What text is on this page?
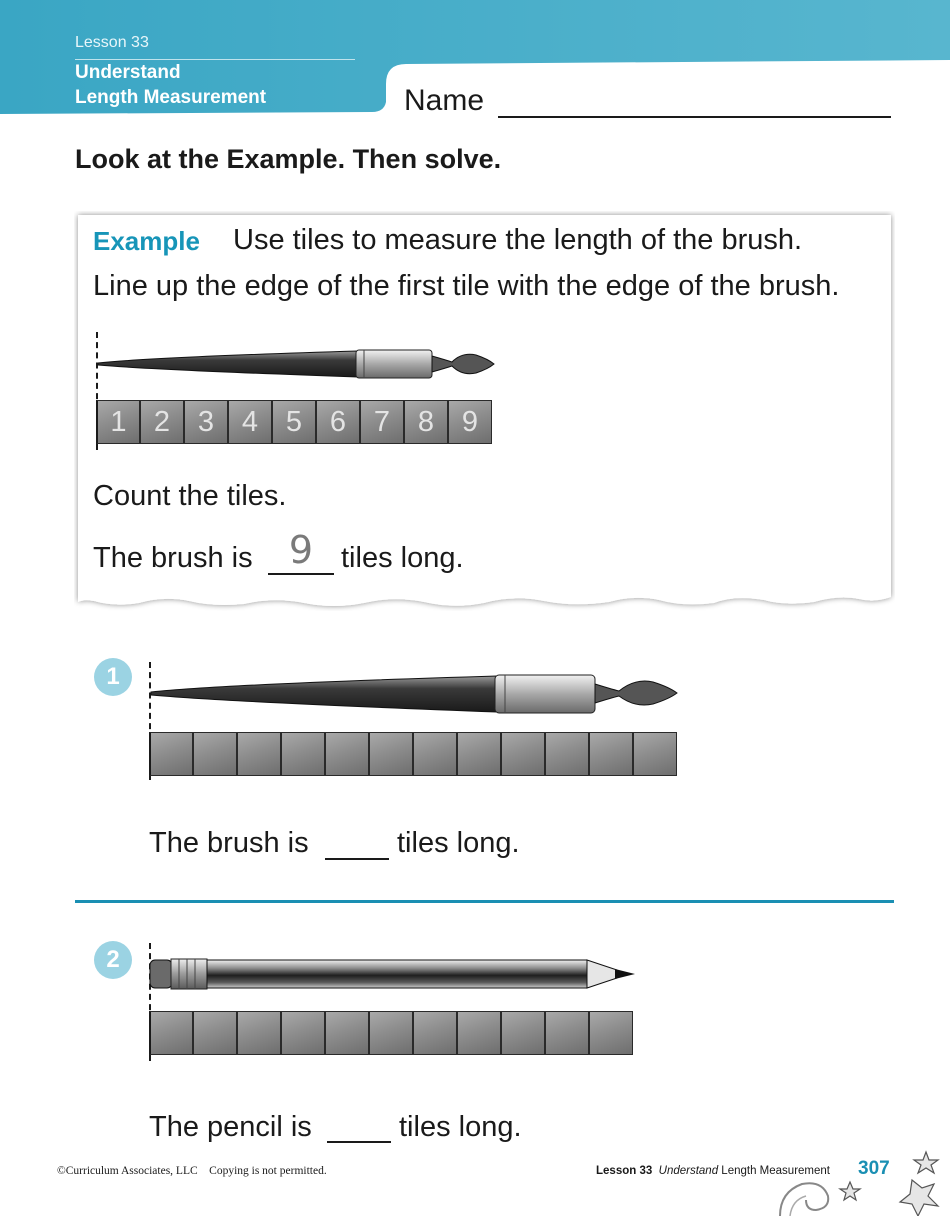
Lesson 33
Understand
Length Measurement	Name
Look at the Example. Then solve.
Example Use tiles to measure the length of the brush.
Line up the edge of the first tile with the edge of the brush.
1 2 3 4 5 6 7 8 9
Count the tiles.
The brush is 9 tiles long.
1
The brush is	tiles long.
2
The pencil is	tiles long.
©Curriculum Associates, LLC    Copying is not permitted.	Lesson 33 Understand Length Measurement 307
